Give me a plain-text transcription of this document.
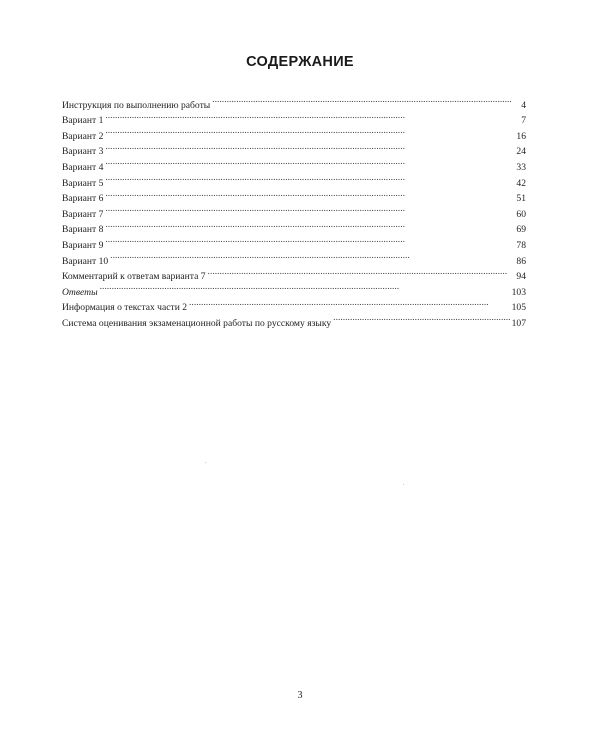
СОДЕРЖАНИЕ
Инструкция по выполнению работы . . .	4
Вариант 1 . . .	7
Вариант 2 . . .	16
Вариант 3 . . .	24
Вариант 4 . . .	33
Вариант 5 . . .	42
Вариант 6 . . .	51
Вариант 7 . . .	60
Вариант 8 . . .	69
Вариант 9 . . .	78
Вариант 10 . . .	86
Комментарий к ответам варианта 7 . . .	94
Ответы . . .	103
Информация о текстах части 2 . . .	105
Система оценивания экзаменационной работы по русскому языку . . .	107
3
